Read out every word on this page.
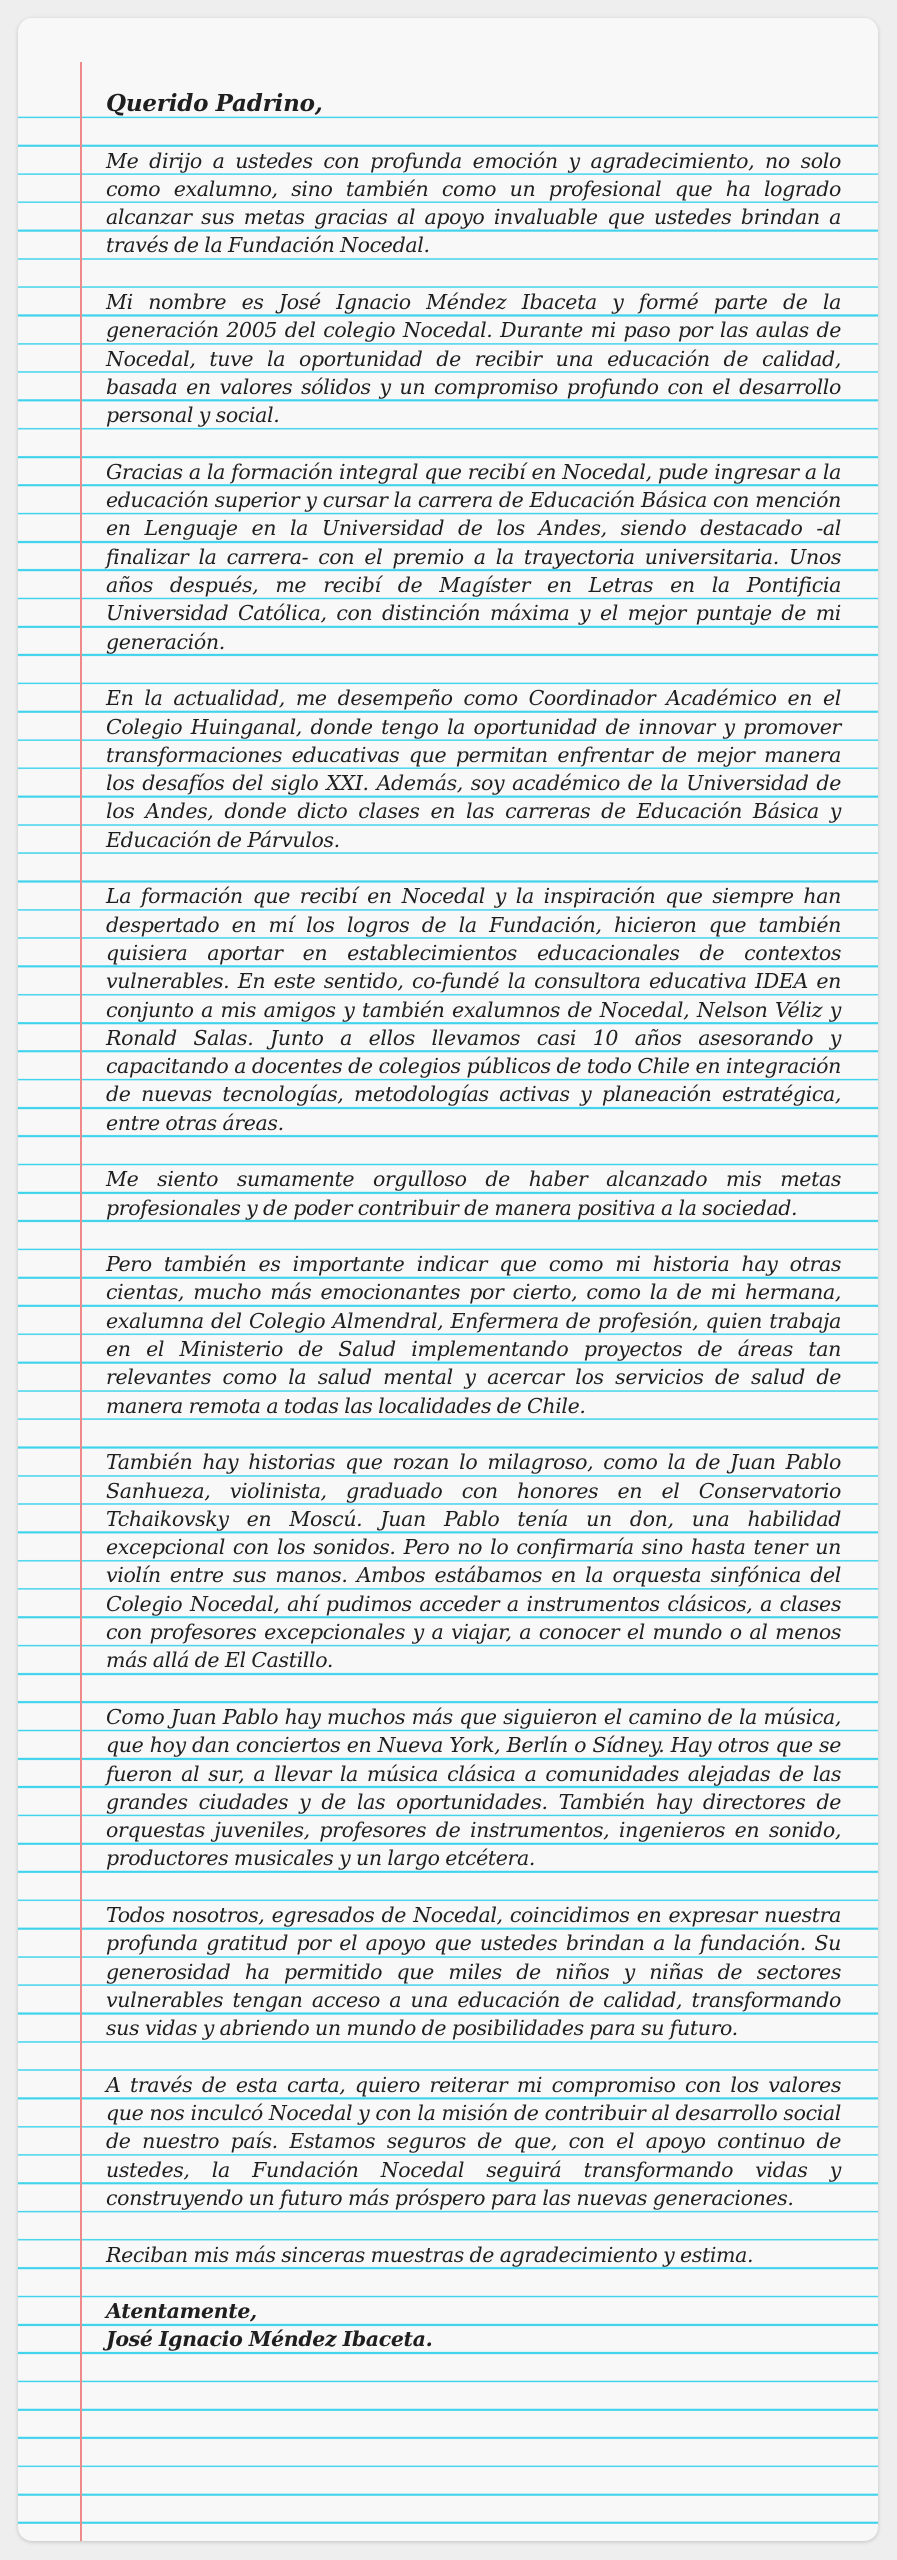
Querido Padrino,

Me dirijo a ustedes con profunda emoción y agradecimiento, no solo como exalumno, sino también como un profesional que ha logrado alcanzar sus metas gracias al apoyo invaluable que ustedes brindan a través de la Fundación Nocedal.

Mi nombre es José Ignacio Méndez Ibaceta y formé parte de la generación 2005 del colegio Nocedal. Durante mi paso por las aulas de Nocedal, tuve la oportunidad de recibir una educación de calidad, basada en valores sólidos y un compromiso profundo con el desarrollo personal y social.

Gracias a la formación integral que recibí en Nocedal, pude ingresar a la educación superior y cursar la carrera de Educación Básica con mención en Lenguaje en la Universidad de los Andes, siendo destacado -al finalizar la carrera- con el premio a la trayectoria universitaria. Unos años después, me recibí de Magíster en Letras en la Pontificia Universidad Católica, con distinción máxima y el mejor puntaje de mi generación.

En la actualidad, me desempeño como Coordinador Académico en el Colegio Huinganal, donde tengo la oportunidad de innovar y promover transformaciones educativas que permitan enfrentar de mejor manera los desafíos del siglo XXI. Además, soy académico de la Universidad de los Andes, donde dicto clases en las carreras de Educación Básica y Educación de Párvulos.

La formación que recibí en Nocedal y la inspiración que siempre han despertado en mí los logros de la Fundación, hicieron que también quisiera aportar en establecimientos educacionales de contextos vulnerables. En este sentido, co-fundé la consultora educativa IDEA en conjunto a mis amigos y también exalumnos de Nocedal, Nelson Véliz y Ronald Salas. Junto a ellos llevamos casi 10 años asesorando y capacitando a docentes de colegios públicos de todo Chile en integración de nuevas tecnologías, metodologías activas y planeación estratégica, entre otras áreas.

Me siento sumamente orgulloso de haber alcanzado mis metas profesionales y de poder contribuir de manera positiva a la sociedad.

Pero también es importante indicar que como mi historia hay otras cientas, mucho más emocionantes por cierto, como la de mi hermana, exalumna del Colegio Almendral, Enfermera de profesión, quien trabaja en el Ministerio de Salud implementando proyectos de áreas tan relevantes como la salud mental y acercar los servicios de salud de manera remota a todas las localidades de Chile.

También hay historias que rozan lo milagroso, como la de Juan Pablo Sanhueza, violinista, graduado con honores en el Conservatorio Tchaikovsky en Moscú. Juan Pablo tenía un don, una habilidad excepcional con los sonidos. Pero no lo confirmaría sino hasta tener un violín entre sus manos. Ambos estábamos en la orquesta sinfónica del Colegio Nocedal, ahí pudimos acceder a instrumentos clásicos, a clases con profesores excepcionales y a viajar, a conocer el mundo o al menos más allá de El Castillo.

Como Juan Pablo hay muchos más que siguieron el camino de la música, que hoy dan conciertos en Nueva York, Berlín o Sídney. Hay otros que se fueron al sur, a llevar la música clásica a comunidades alejadas de las grandes ciudades y de las oportunidades. También hay directores de orquestas juveniles, profesores de instrumentos, ingenieros en sonido, productores musicales y un largo etcétera.

Todos nosotros, egresados de Nocedal, coincidimos en expresar nuestra profunda gratitud por el apoyo que ustedes brindan a la fundación. Su generosidad ha permitido que miles de niños y niñas de sectores vulnerables tengan acceso a una educación de calidad, transformando sus vidas y abriendo un mundo de posibilidades para su futuro.

A través de esta carta, quiero reiterar mi compromiso con los valores que nos inculcó Nocedal y con la misión de contribuir al desarrollo social de nuestro país. Estamos seguros de que, con el apoyo continuo de ustedes, la Fundación Nocedal seguirá transformando vidas y construyendo un futuro más próspero para las nuevas generaciones.

Reciban mis más sinceras muestras de agradecimiento y estima.

Atentamente,
José Ignacio Méndez Ibaceta.
